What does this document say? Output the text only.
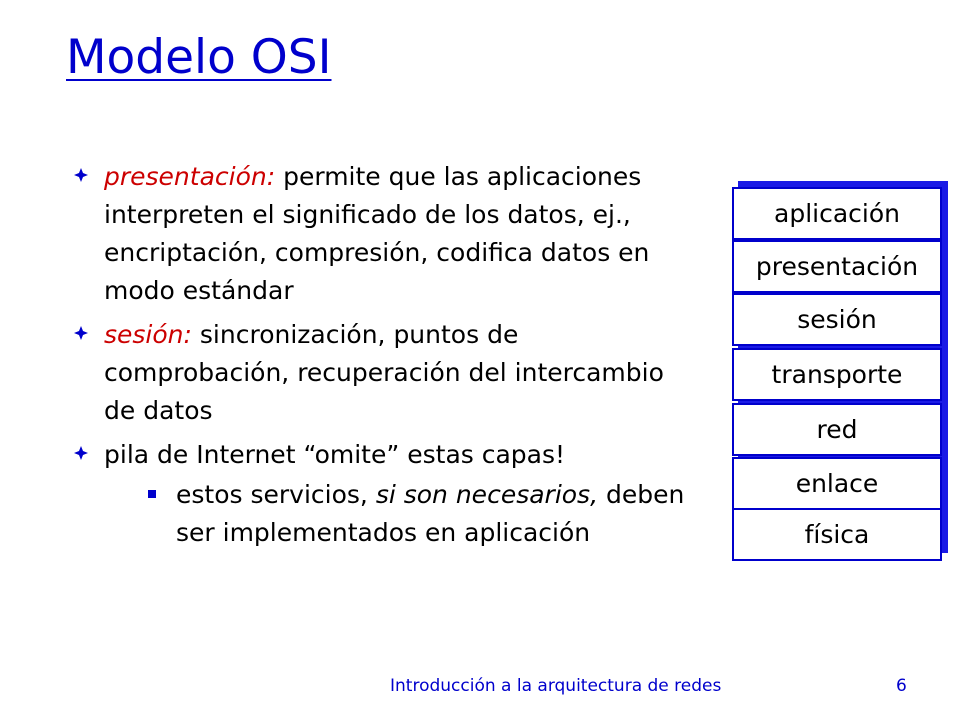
Modelo OSI
presentación: permite que las aplicaciones interpreten el significado de los datos, ej., encriptación, compresión, codifica datos en modo estándar
sesión: sincronización, puntos de comprobación, recuperación del intercambio de datos
pila de Internet “omite” estas capas!
estos servicios, si son necesarios, deben ser implementados en aplicación
aplicación
presentación
sesión
transporte
red
enlace
física
Introducción a la arquitectura de redes	6
